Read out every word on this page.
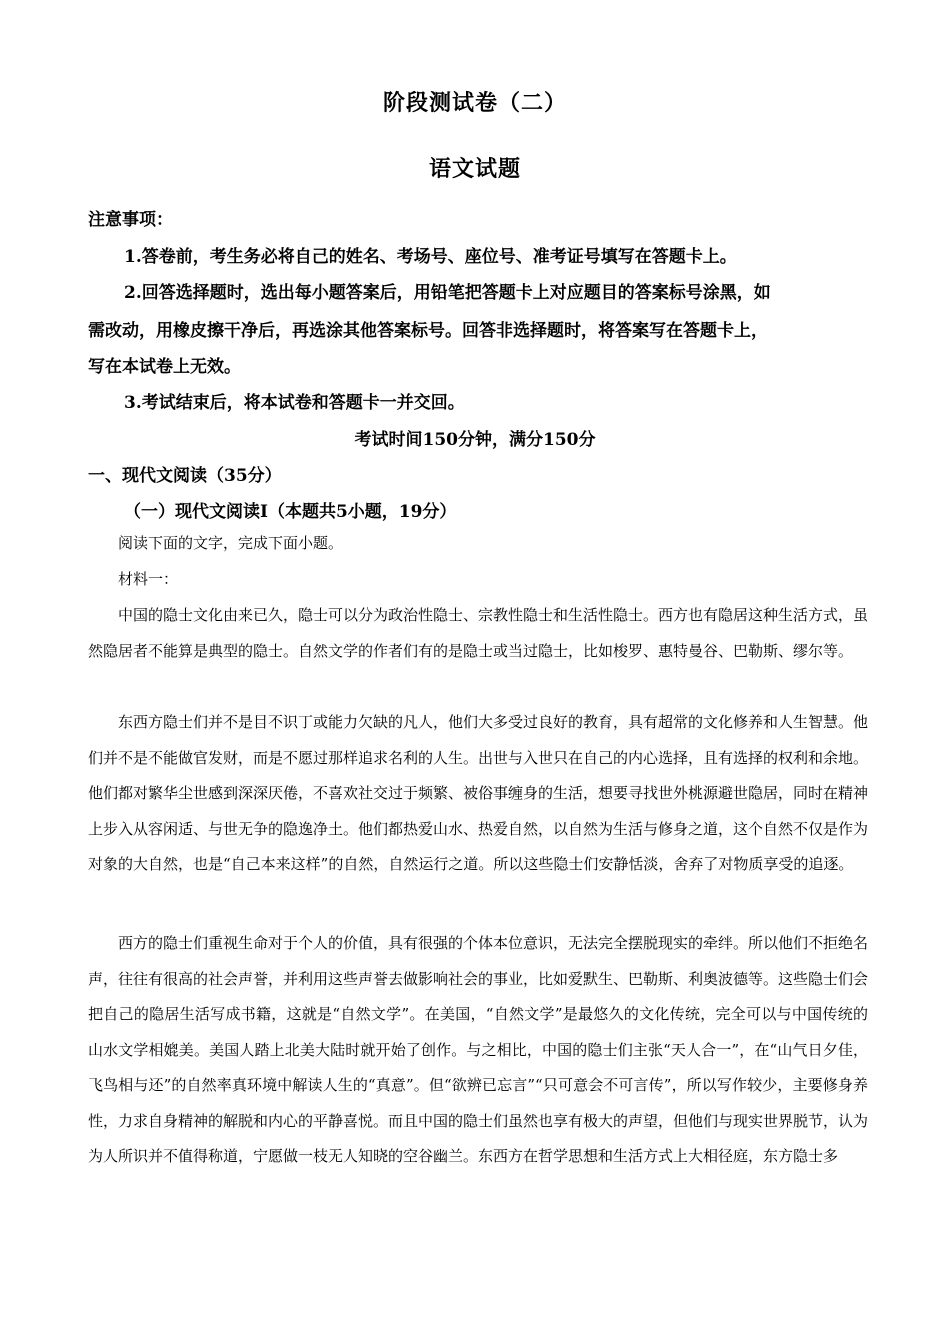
阶段测试卷（二）
语文试题
注意事项：
1.答卷前，考生务必将自己的姓名、考场号、座位号、准考证号填写在答题卡上。
2.回答选择题时，选出每小题答案后，用铅笔把答题卡上对应题目的答案标号涂黑，如
需改动，用橡皮擦干净后，再选涂其他答案标号。回答非选择题时，将答案写在答题卡上，
写在本试卷上无效。
3.考试结束后，将本试卷和答题卡一并交回。
考试时间150分钟，满分150分
一、现代文阅读（35分）
（一）现代文阅读Ⅰ（本题共5小题，19分）
阅读下面的文字，完成下面小题。
材料一：
中国的隐士文化由来已久，隐士可以分为政治性隐士、宗教性隐士和生活性隐士。西方也有隐居这种生活方式，虽然隐居者不能算是典型的隐士。自然文学的作者们有的是隐士或当过隐士，比如梭罗、惠特曼谷、巴勒斯、缪尔等。
东西方隐士们并不是目不识丁或能力欠缺的凡人，他们大多受过良好的教育，具有超常的文化修养和人生智慧。他们并不是不能做官发财，而是不愿过那样追求名利的人生。出世与入世只在自己的内心选择，且有选择的权利和余地。他们都对繁华尘世感到深深厌倦，不喜欢社交过于频繁、被俗事缠身的生活，想要寻找世外桃源避世隐居，同时在精神上步入从容闲适、与世无争的隐逸净土。他们都热爱山水、热爱自然，以自然为生活与修身之道，这个自然不仅是作为对象的大自然，也是“自己本来这样”的自然，自然运行之道。所以这些隐士们安静恬淡，舍弃了对物质享受的追逐。
西方的隐士们重视生命对于个人的价值，具有很强的个体本位意识，无法完全摆脱现实的牵绊。所以他们不拒绝名声，往往有很高的社会声誉，并利用这些声誉去做影响社会的事业，比如爱默生、巴勒斯、利奥波德等。这些隐士们会把自己的隐居生活写成书籍，这就是“自然文学”。在美国，“自然文学”是最悠久的文化传统，完全可以与中国传统的山水文学相媲美。美国人踏上北美大陆时就开始了创作。与之相比，中国的隐士们主张“天人合一”，在“山气日夕佳，飞鸟相与还”的自然率真环境中解读人生的“真意”。但“欲辨已忘言”“只可意会不可言传”，所以写作较少，主要修身养性，力求自身精神的解脱和内心的平静喜悦。而且中国的隐士们虽然也享有极大的声望，但他们与现实世界脱节，认为为人所识并不值得称道，宁愿做一枝无人知晓的空谷幽兰。东西方在哲学思想和生活方式上大相径庭，东方隐士多
